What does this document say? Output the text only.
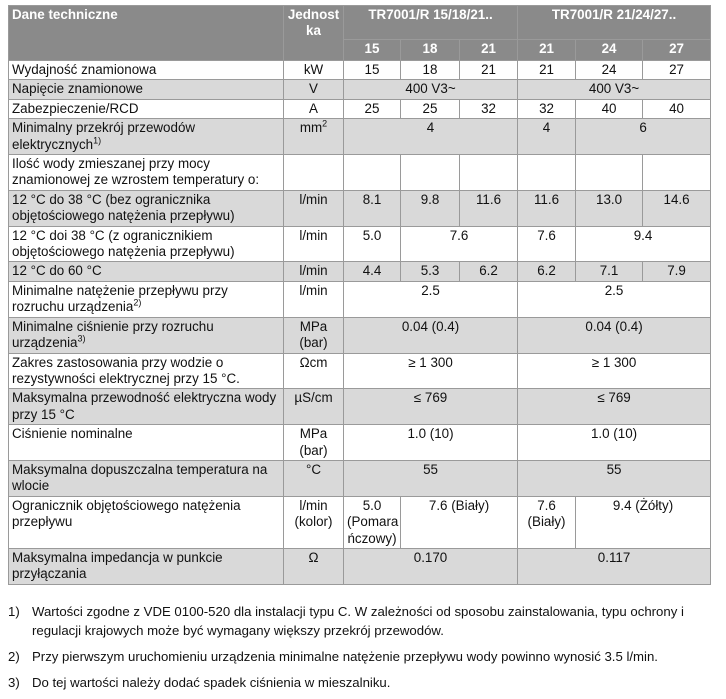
Dane techniczne	Jednost ka	TR7001/R 15/18/21..			TR7001/R 21/24/27..		
		15	18	21	21	24	27
Wydajność znamionowa	kW	15	18	21	21	24	27
Napięcie znamionowe	V	400 V3~			400 V3~		
Zabezpieczenie/RCD	A	25	25	32	32	40	40
Minimalny przekrój przewodów elektrycznych$^{1)}$	$mm^2$	4			4	6	
Ilość wody zmieszanej przy mocy znamionowej ze wzrostem temperatury o:							
12 °C do 38 °C (bez ogranicznika objętościowego natężenia przepływu)	l/min	8.1	9.8	11.6	11.6	13.0	14.6
12 °C doi 38 °C (z ogranicznikiem objętościowego natężenia przepływu)	l/min	5.0	7.6		7.6	9.4	
12 °C do 60 °C	l/min	4.4	5.3	6.2	6.2	7.1	7.9
Minimalne natężenie przepływu przy rozruchu urządzenia$^{2)}$	l/min	2.5			2.5		
Minimalne ciśnienie przy rozruchu urządzenia$^{3)}$	MPa (bar)	0.04 (0.4)			0.04 (0.4)		
Zakres zastosowania przy wodzie o rezystywności elektrycznej przy 15 °C.	Ωcm	≥ 1 300			≥ 1 300		
Maksymalna przewodność elektryczna wody przy 15 °C	µS/cm	≤ 769			≤ 769		
Ciśnienie nominalne	MPa (bar)	1.0 (10)			1.0 (10)		
Maksymalna dopuszczalna temperatura na wlocie	°C	55			55		
Ogranicznik objętościowego natężenia przepływu	l/min (kolor)	5.0 (Pomara ńczowy)	7.6 (Biały)		7.6 (Biały)	9.4 (Żółty)	
Maksymalna impedancja w punkcie przyłączania	Ω	0.170			0.117		
1) Wartości zgodne z VDE 0100-520 dla instalacji typu C. W zależności od sposobu zainstalowania, typu ochrony i regulacji krajowych może być wymagany większy przekrój przewodów.
2) Przy pierwszym uruchomieniu urządzenia minimalne natężenie przepływu wody powinno wynosić 3.5 l/min.
3) Do tej wartości należy dodać spadek ciśnienia w mieszalniku.
